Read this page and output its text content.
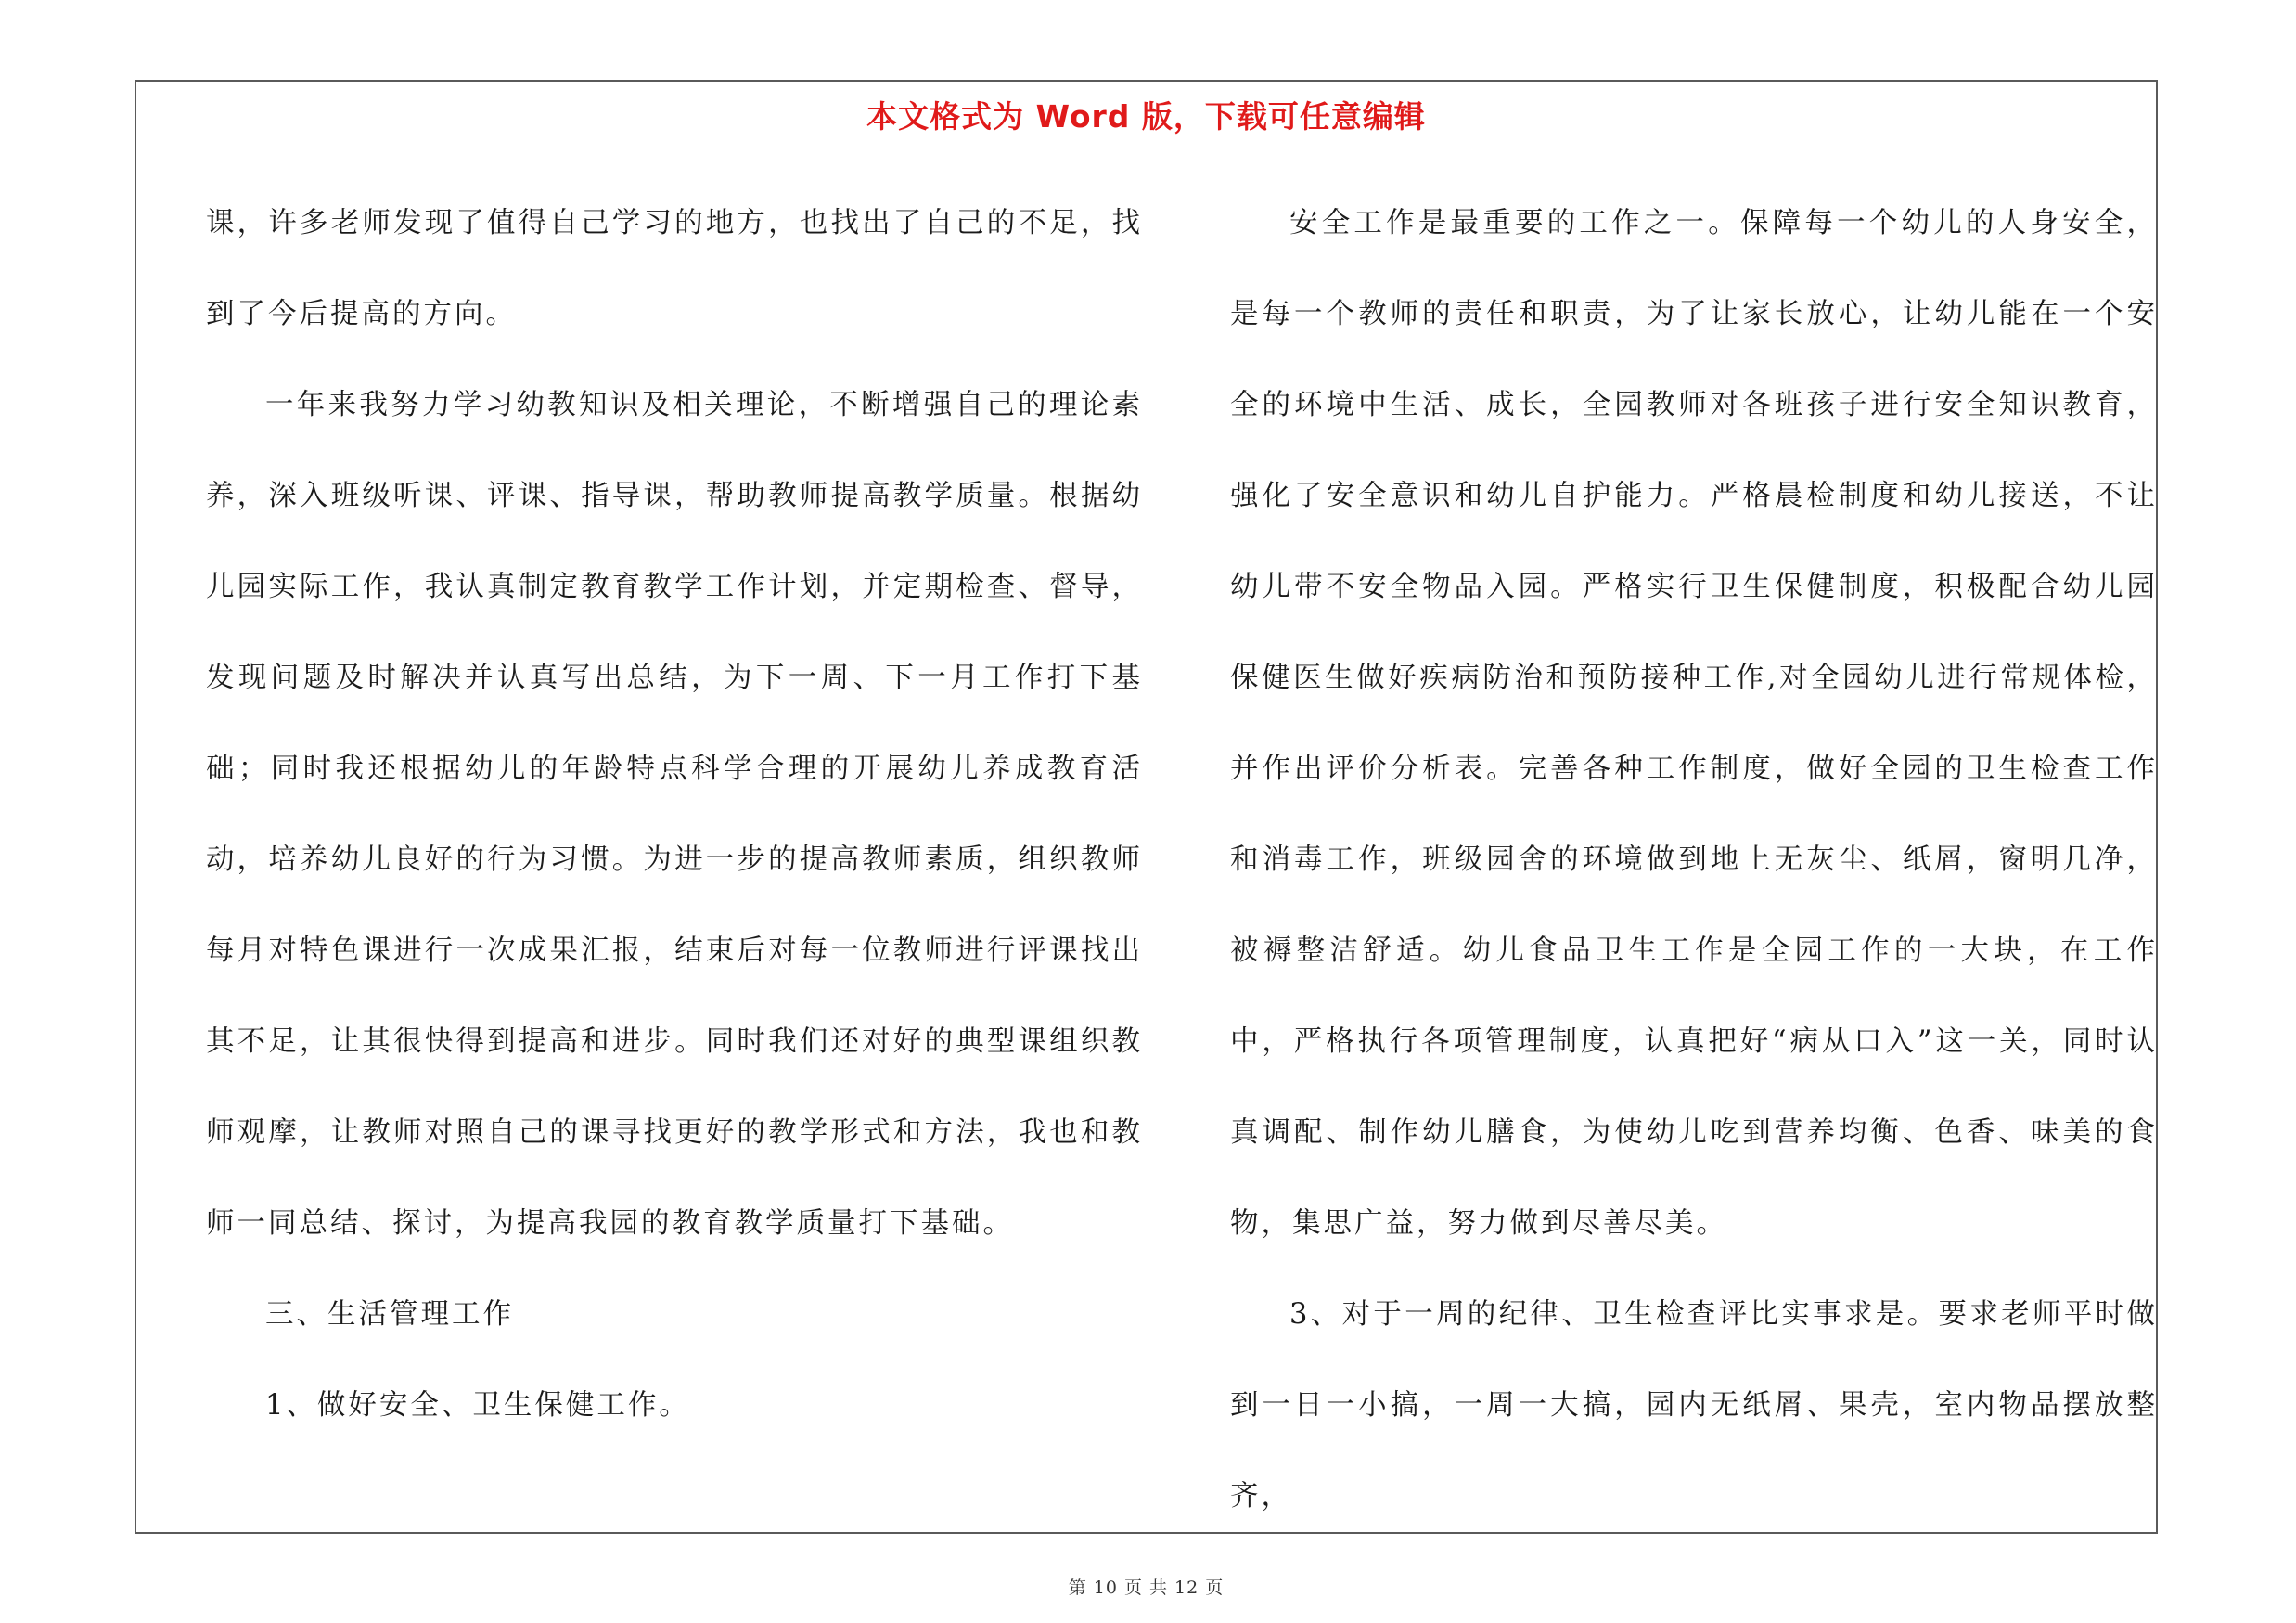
本文格式为 Word 版，下载可任意编辑
第 10 页 共 12 页

课，许多老师发现了值得自己学习的地方，也找出了自己的不足，找到了今后提高的方向。

一年来我努力学习幼教知识及相关理论，不断增强自己的理论素养，深入班级听课、评课、指导课，帮助教师提高教学质量。根据幼儿园实际工作，我认真制定教育教学工作计划，并定期检查、督导，发现问题及时解决并认真写出总结，为下一周、下一月工作打下基础；同时我还根据幼儿的年龄特点科学合理的开展幼儿养成教育活动，培养幼儿良好的行为习惯。为进一步的提高教师素质，组织教师每月对特色课进行一次成果汇报，结束后对每一位教师进行评课找出其不足，让其很快得到提高和进步。同时我们还对好的典型课组织教师观摩，让教师对照自己的课寻找更好的教学形式和方法，我也和教师一同总结、探讨，为提高我园的教育教学质量打下基础。

三、生活管理工作

1、做好安全、卫生保健工作。

安全工作是最重要的工作之一。保障每一个幼儿的人身安全，是每一个教师的责任和职责，为了让家长放心，让幼儿能在一个安全的环境中生活、成长，全园教师对各班孩子进行安全知识教育，强化了安全意识和幼儿自护能力。严格晨检制度和幼儿接送，不让幼儿带不安全物品入园。严格实行卫生保健制度，积极配合幼儿园保健医生做好疾病防治和预防接种工作,对全园幼儿进行常规体检，并作出评价分析表。完善各种工作制度，做好全园的卫生检查工作和消毒工作，班级园舍的环境做到地上无灰尘、纸屑，窗明几净，被褥整洁舒适。幼儿食品卫生工作是全园工作的一大块，在工作中，严格执行各项管理制度，认真把好“病从口入”这一关，同时认真调配、制作幼儿膳食，为使幼儿吃到营养均衡、色香、味美的食物，集思广益，努力做到尽善尽美。

3、对于一周的纪律、卫生检查评比实事求是。要求老师平时做到一日一小搞，一周一大搞，园内无纸屑、果壳，室内物品摆放整齐，
